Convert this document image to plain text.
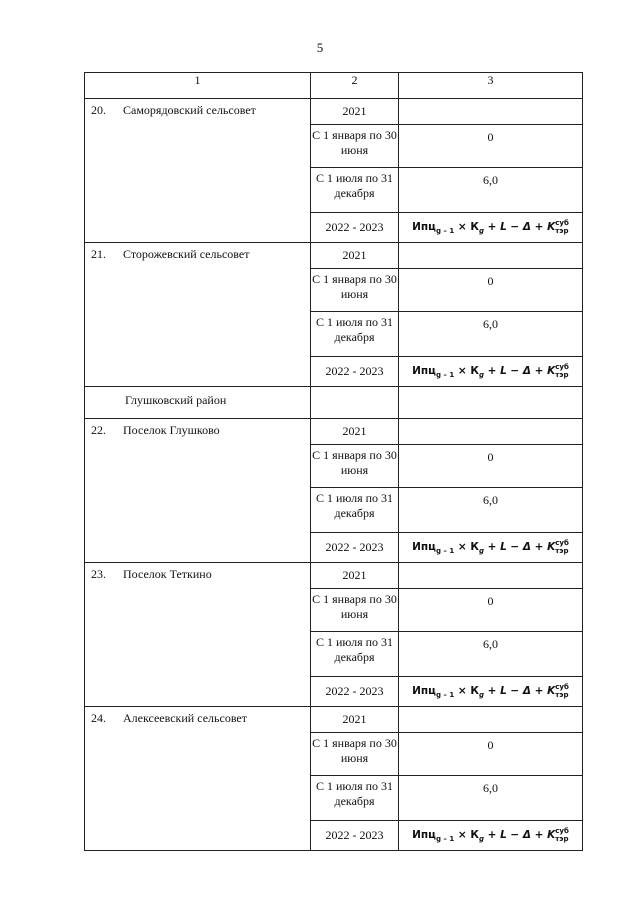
5
1	2	3
20. Саморядовский сельсовет	2021	
	С 1 января по 30 июня	0
	С 1 июля по 31 декабря	6,0
	2022 - 2023	$Ипц_{g - 1} \times К_g + L - \Delta$ + Kсуб
тэр
21. Сторожевский сельсовет	2021	
	С 1 января по 30 июня	0
	С 1 июля по 31 декабря	6,0
	2022 - 2023	$Ипц_{g - 1} \times К_g + L - \Delta$ + Kсуб
тэр
Глушковский район		
22. Поселок Глушково	2021	
	С 1 января по 30 июня	0
	С 1 июля по 31 декабря	6,0
	2022 - 2023	$Ипц_{g - 1} \times К_g + L - \Delta$ + Kсуб
тэр
23. Поселок Теткино	2021	
	С 1 января по 30 июня	0
	С 1 июля по 31 декабря	6,0
	2022 - 2023	$Ипц_{g - 1} \times К_g + L - \Delta$ + Kсуб
тэр
24. Алексеевский сельсовет	2021	
	С 1 января по 30 июня	0
	С 1 июля по 31 декабря	6,0
	2022 - 2023	$Ипц_{g - 1} \times К_g + L - \Delta$ + Kсуб
тэр
